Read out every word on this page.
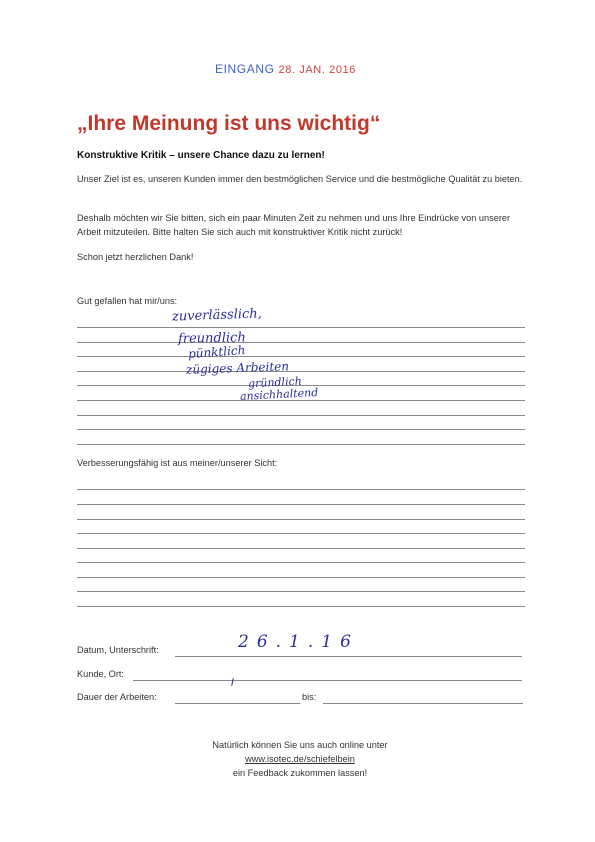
EINGANG 28. JAN. 2016
„Ihre Meinung ist uns wichtig“
Konstruktive Kritik – unsere Chance dazu zu lernen!
Unser Ziel ist es, unseren Kunden immer den bestmöglichen Service und die bestmögliche Qualität zu bieten.
Deshalb möchten wir Sie bitten, sich ein paar Minuten Zeit zu nehmen und uns Ihre Eindrücke von unserer Arbeit mitzuteilen. Bitte halten Sie sich auch mit konstruktiver Kritik nicht zurück!
Schon jetzt herzlichen Dank!
Gut gefallen hat mir/uns:
zuverlässlich,
freundlich
pünktlich
zügiges Arbeiten
gründlich
ansichhaltend
Verbesserungsfähig ist aus meiner/unserer Sicht:
Datum, Unterschrift:	26.1.16
Kunde, Ort:
Dauer der Arbeiten:	bis:
Natürlich können Sie uns auch online unter
www.isotec.de/schiefelbein
ein Feedback zukommen lassen!
